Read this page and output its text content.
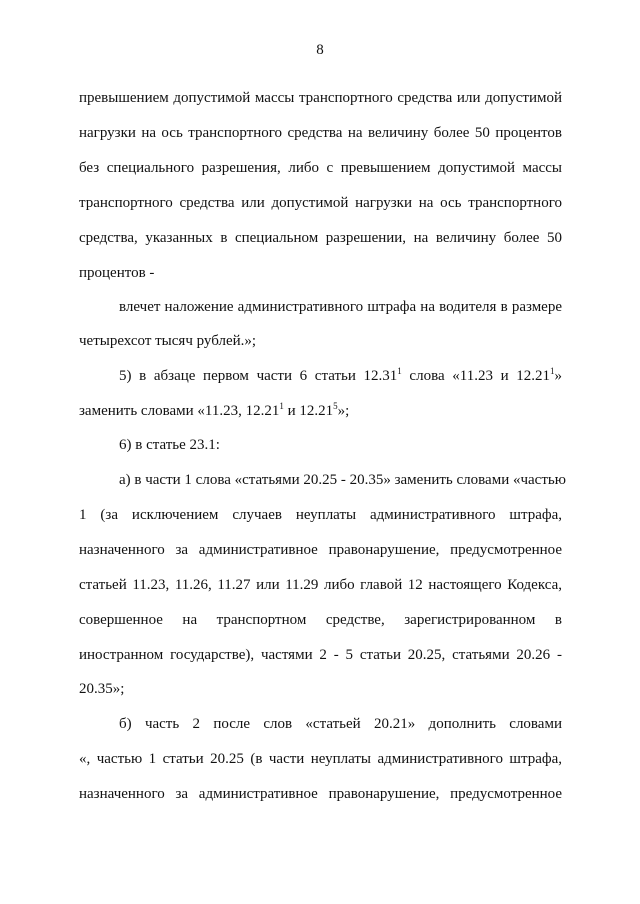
8
превышением допустимой массы транспортного средства или допустимой
нагрузки на ось транспортного средства на величину более 50 процентов
без специального разрешения, либо с превышением допустимой массы
транспортного средства или допустимой нагрузки на ось транспортного
средства, указанных в специальном разрешении, на величину более 50
процентов -
влечет наложение административного штрафа на водителя в размере
четырехсот тысяч рублей.»;
5) в абзаце первом части 6 статьи 12.31$^1$ слова «11.23 и 12.21$^1$»
заменить словами «11.23, 12.21$^1$ и 12.21$^5$»;
6) в статье 23.1:
а) в части 1 слова «статьями 20.25 - 20.35» заменить словами «частью
1 (за исключением случаев неуплаты административного штрафа,
назначенного за административное правонарушение, предусмотренное
статьей 11.23, 11.26, 11.27 или 11.29 либо главой 12 настоящего Кодекса,
совершенное на транспортном средстве, зарегистрированном в
иностранном государстве), частями 2 - 5 статьи 20.25, статьями 20.26 -
20.35»;
б) часть 2 после слов «статьей 20.21» дополнить словами
«, частью 1 статьи 20.25 (в части неуплаты административного штрафа,
назначенного за административное правонарушение, предусмотренное
